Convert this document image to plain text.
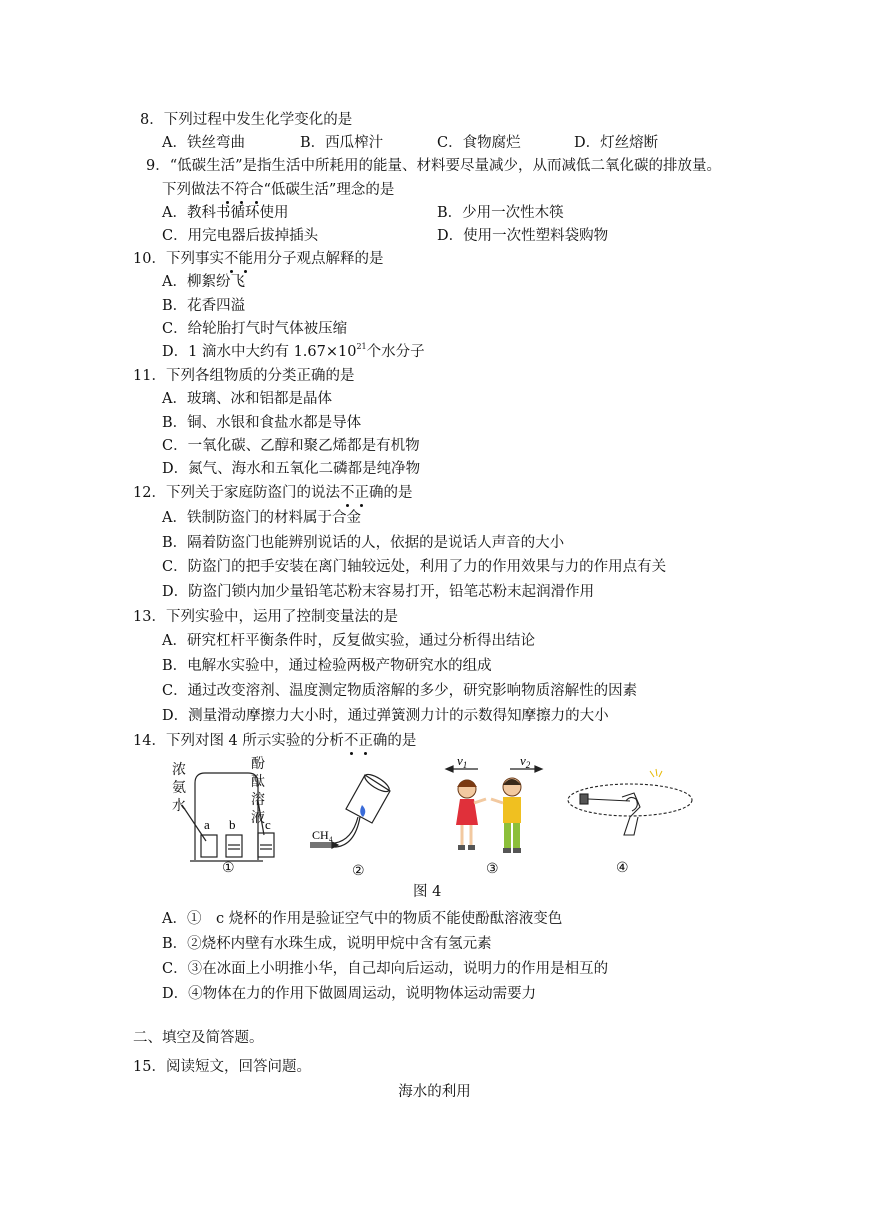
8．下列过程中发生化学变化的是
A．铁丝弯曲	B．西瓜榨汁	C．食物腐烂	D．灯丝熔断
9．“低碳生活”是指生活中所耗用的能量、材料要尽量减少，从而减低二氧化碳的排放量。
下列做法不符合“低碳生活”理念的是
A．教科书循环使用	B．少用一次性木筷
C．用完电器后拔掉插头	D．使用一次性塑料袋购物
10．下列事实不能用分子观点解释的是
A．柳絮纷飞
B．花香四溢
C．给轮胎打气时气体被压缩
D．1 滴水中大约有 $1.67\times 10^{21}$个水分子
11．下列各组物质的分类正确的是
A．玻璃、冰和铝都是晶体
B．铜、水银和食盐水都是导体
C．一氧化碳、乙醇和聚乙烯都是有机物
D．氮气、海水和五氧化二磷都是纯净物
12．下列关于家庭防盗门的说法不正确的是
A．铁制防盗门的材料属于合金
B．隔着防盗门也能辨别说话的人，依据的是说话人声音的大小
C．防盗门的把手安装在离门轴较远处，利用了力的作用效果与力的作用点有关
D．防盗门锁内加少量铅笔芯粉末容易打开，铅笔芯粉末起润滑作用
13．下列实验中，运用了控制变量法的是
A．研究杠杆平衡条件时，反复做实验，通过分析得出结论
B．电解水实验中，通过检验两极产物研究水的组成
C．通过改变溶剂、温度测定物质溶解的多少，研究影响物质溶解性的因素
D．测量滑动摩擦力大小时，通过弹簧测力计的示数得知摩擦力的大小
14．下列对图 4 所示实验的分析不正确的是
浓
氨
水
酚
酞
溶
液
a b c
CH₄
$v_1$	$v_2$
①	②	③	④
图 4
A．①　c 烧杯的作用是验证空气中的物质不能使酚酞溶液变色
B．②烧杯内壁有水珠生成，说明甲烷中含有氢元素
C．③在冰面上小明推小华，自己却向后运动，说明力的作用是相互的
D．④物体在力的作用下做圆周运动，说明物体运动需要力
二、填空及简答题。
15．阅读短文，回答问题。
海水的利用
